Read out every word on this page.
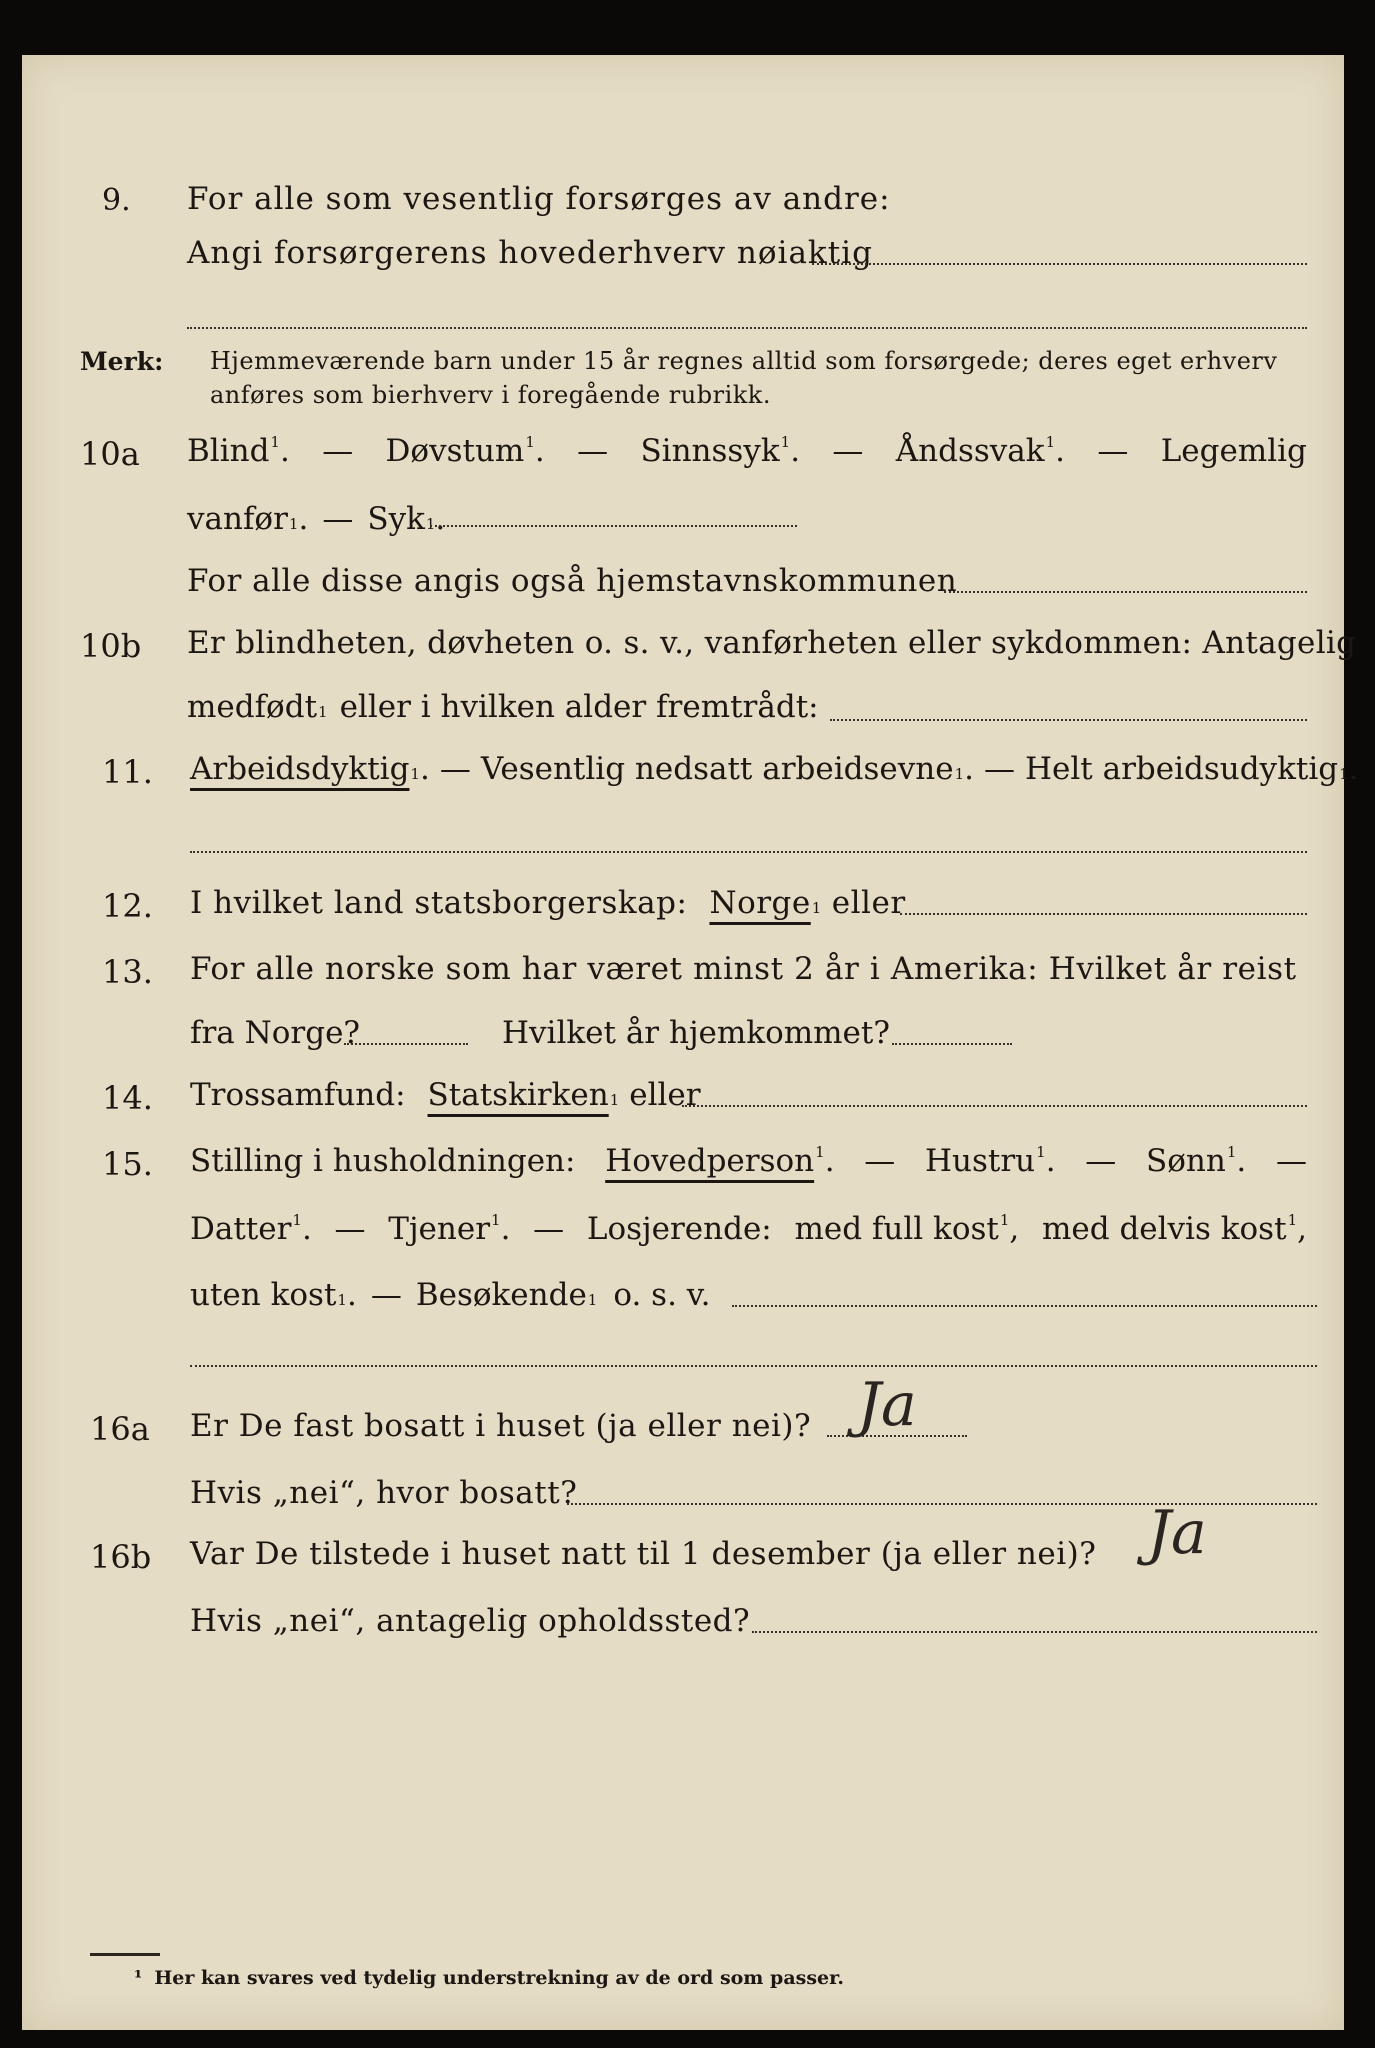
9. For alle som vesentlig forsørges av andre:
Angi forsørgerens hovederhverv nøiaktig
Merk: Hjemmeværende barn under 15 år regnes alltid som forsørgede; deres eget erhverv
anføres som bierhverv i foregående rubrikk.
10a Blind$^1$. — Døvstum$^1$. — Sinnssyk$^1$. — Åndssvak$^1$. — Legemlig
vanfør 1 . — Syk 1 .
For alle disse angis også hjemstavnskommunen
10b Er blindheten, døvheten o. s. v., vanførheten eller sykdommen: Antagelig
medfødt 1 eller i hvilken alder fremtrådt:
11. Arbeidsdyktig 1 . — Vesentlig nedsatt arbeidsevne 1 . — Helt arbeidsudyktig 1 .
12. I hvilket land statsborgerskap: Norge 1 eller
13. For alle norske som har været minst 2 år i Amerika: Hvilket år reist
fra Norge?	Hvilket år hjemkommet?
14. Trossamfund: Statskirken 1 eller
15. Stilling i husholdningen: Hovedperson$^1$. — Hustru$^1$. — Sønn$^1$. —
Datter$^1$. — Tjener$^1$. — Losjerende: med full kost$^1$, med delvis kost$^1$,
uten kost 1 . — Besøkende 1 o. s. v.
16a Er De fast bosatt i huset (ja eller nei)? Ja
Hvis „nei“, hvor bosatt?
16b Var De tilstede i huset natt til 1 desember (ja eller nei)? Ja
Hvis „nei“, antagelig opholdssted?
¹ Her kan svares ved tydelig understrekning av de ord som passer.
